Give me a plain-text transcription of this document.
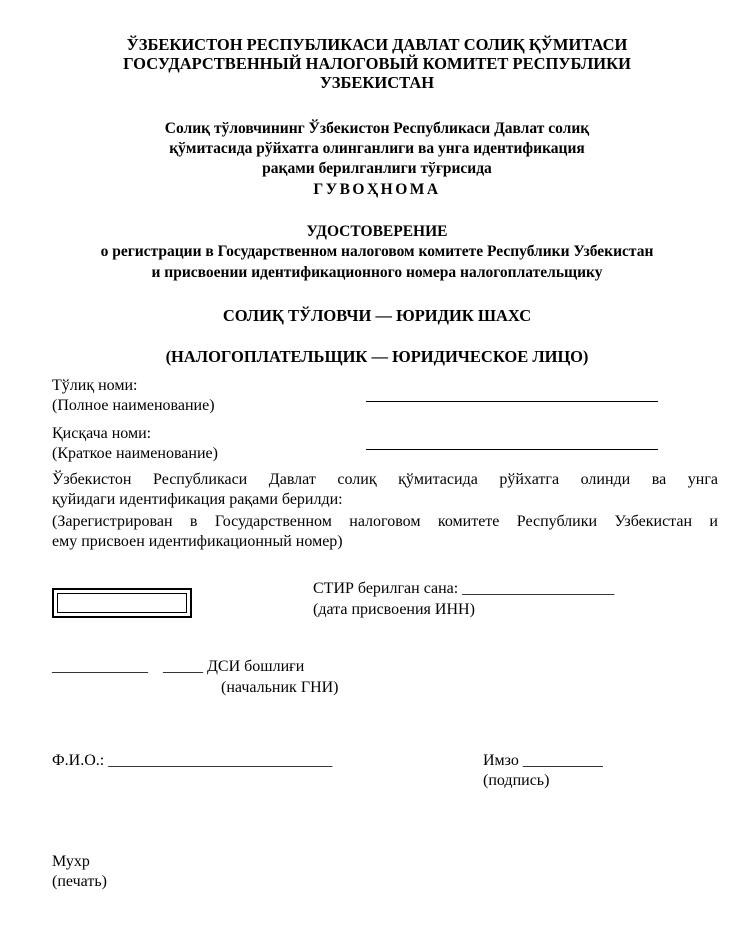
ЎЗБЕКИСТОН РЕСПУБЛИКАСИ ДАВЛАТ СОЛИҚ ҚЎМИТАСИ
ГОСУДАРСТВЕННЫЙ НАЛОГОВЫЙ КОМИТЕТ РЕСПУБЛИКИ
УЗБЕКИСТАН
Солиқ тўловчининг Ўзбекистон Республикаси Давлат солиқ
қўмитасида рўйхатга олинганлиги ва унга идентификация
рақами берилганлиги тўғрисида
ГУВОҲНОМА
УДОСТОВЕРЕНИЕ
о регистрации в Государственном налоговом комитете Республики Узбекистан
и присвоении идентификационного номера налогоплательщику
СОЛИҚ ТЎЛОВЧИ — ЮРИДИК ШАХС
(НАЛОГОПЛАТЕЛЬЩИК — ЮРИДИЧЕСКОЕ ЛИЦО)
Тўлиқ номи:
(Полное наименование)
Қисқача номи:
(Краткое наименование)
Ўзбекистон Республикаси Давлат солиқ қўмитасида рўйхатга олинди ва унга
қуйидаги идентификация рақами берилди:
(Зарегистрирован в Государственном налоговом комитете Республики Узбекистан и
ему присвоен идентификационный номер)
СТИР берилган сана: ___________________
(дата присвоения ИНН)
____________ _____ ДСИ бошлиғи
(начальник ГНИ)
Ф.И.О.: ____________________________	Имзо __________
(подпись)
Мухр
(печать)
